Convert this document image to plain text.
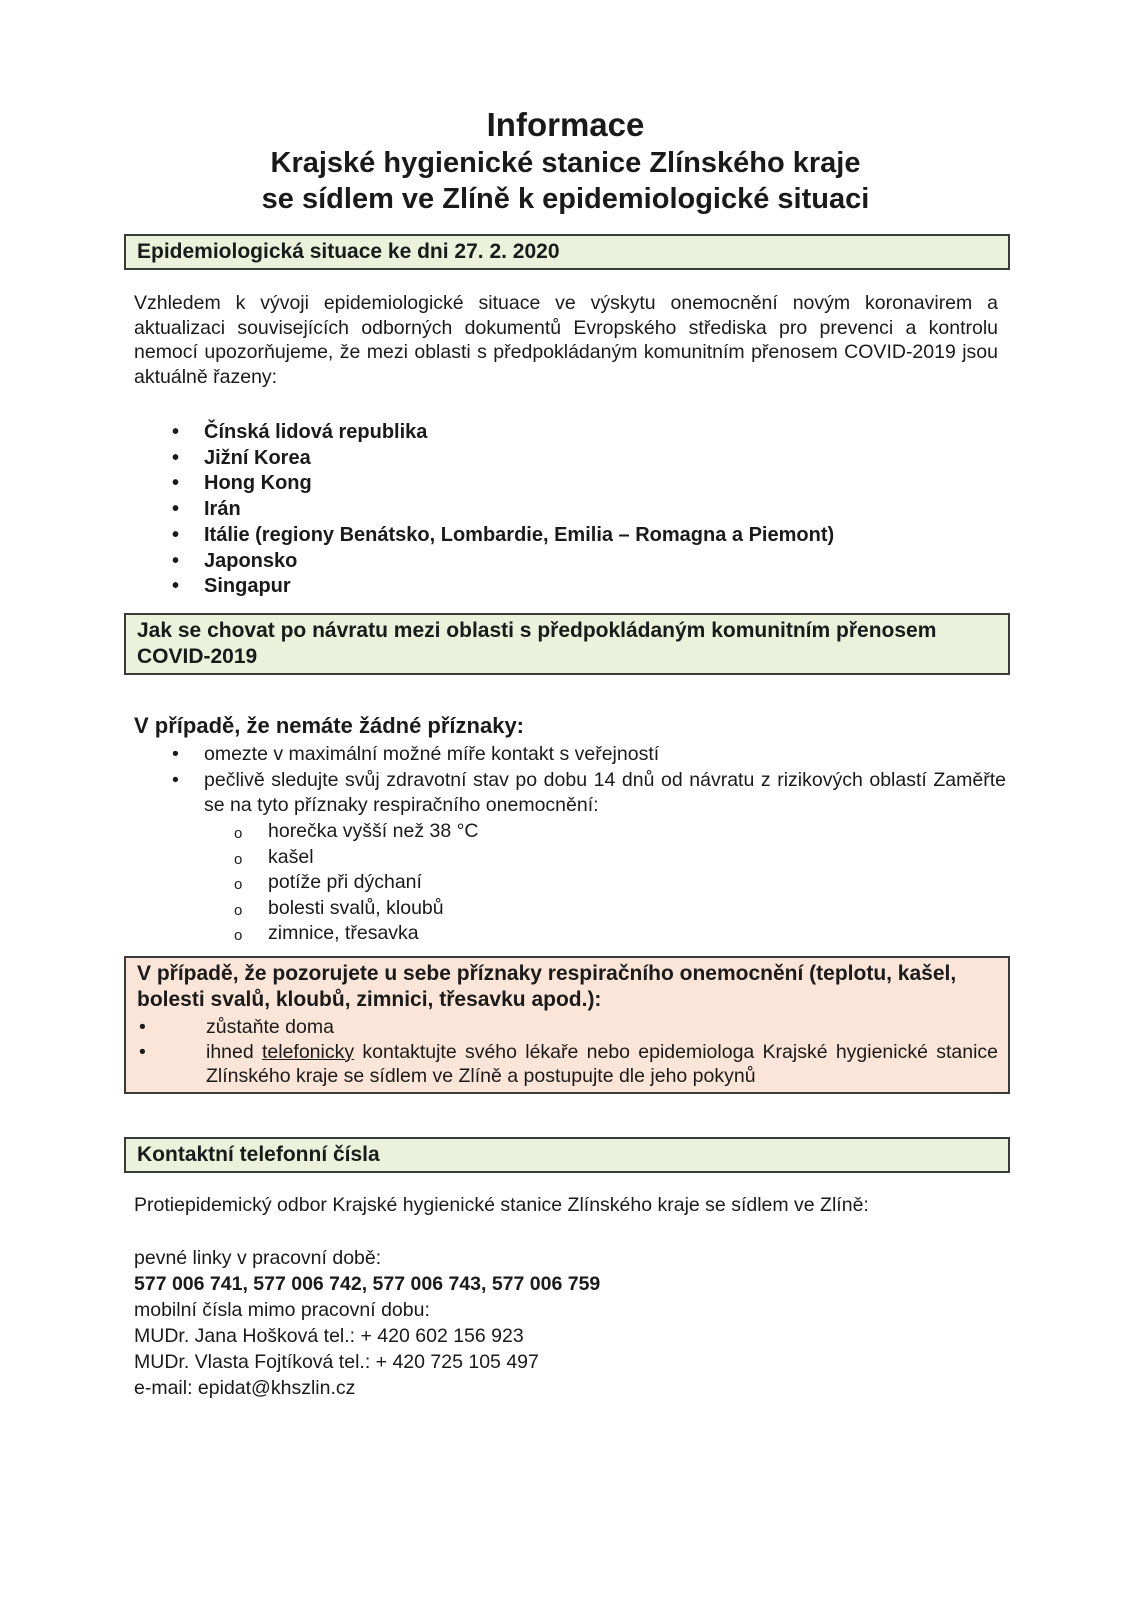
Informace
Krajské hygienické stanice Zlínského kraje
se sídlem ve Zlíně k epidemiologické situaci
Epidemiologická situace ke dni 27. 2. 2020
Vzhledem k vývoji epidemiologické situace ve výskytu onemocnění novým koronavirem a aktualizaci souvisejících odborných dokumentů Evropského střediska pro prevenci a kontrolu nemocí upozorňujeme, že mezi oblasti s předpokládaným komunitním přenosem COVID-2019 jsou aktuálně řazeny:
• Čínská lidová republika
• Jižní Korea
• Hong Kong
• Irán
• Itálie (regiony Benátsko, Lombardie, Emilia – Romagna a Piemont)
• Japonsko
• Singapur
Jak se chovat po návratu mezi oblasti s předpokládaným komunitním přenosem COVID-2019
V případě, že nemáte žádné příznaky:
•	omezte v maximální možné míře kontakt s veřejností
•	pečlivě sledujte svůj zdravotní stav po dobu 14 dnů od návratu z rizikových oblastí Zaměřte se na tyto příznaky respiračního onemocnění:
o horečka vyšší než 38 °C
o kašel
o potíže při dýchaní
o bolesti svalů, kloubů
o zimnice, třesavka
V případě, že pozorujete u sebe příznaky respiračního onemocnění (teplotu, kašel, bolesti svalů, kloubů, zimnici, třesavku apod.):
•	zůstaňte doma
•	ihned telefonicky kontaktujte svého lékaře nebo epidemiologa Krajské hygienické stanice Zlínského kraje se sídlem ve Zlíně a postupujte dle jeho pokynů
Kontaktní telefonní čísla
Protiepidemický odbor Krajské hygienické stanice Zlínského kraje se sídlem ve Zlíně:
pevné linky v pracovní době:
577 006 741, 577 006 742, 577 006 743, 577 006 759
mobilní čísla mimo pracovní dobu:
MUDr. Jana Hošková tel.: + 420 602 156 923
MUDr. Vlasta Fojtíková tel.: + 420 725 105 497
e-mail: epidat@khszlin.cz
